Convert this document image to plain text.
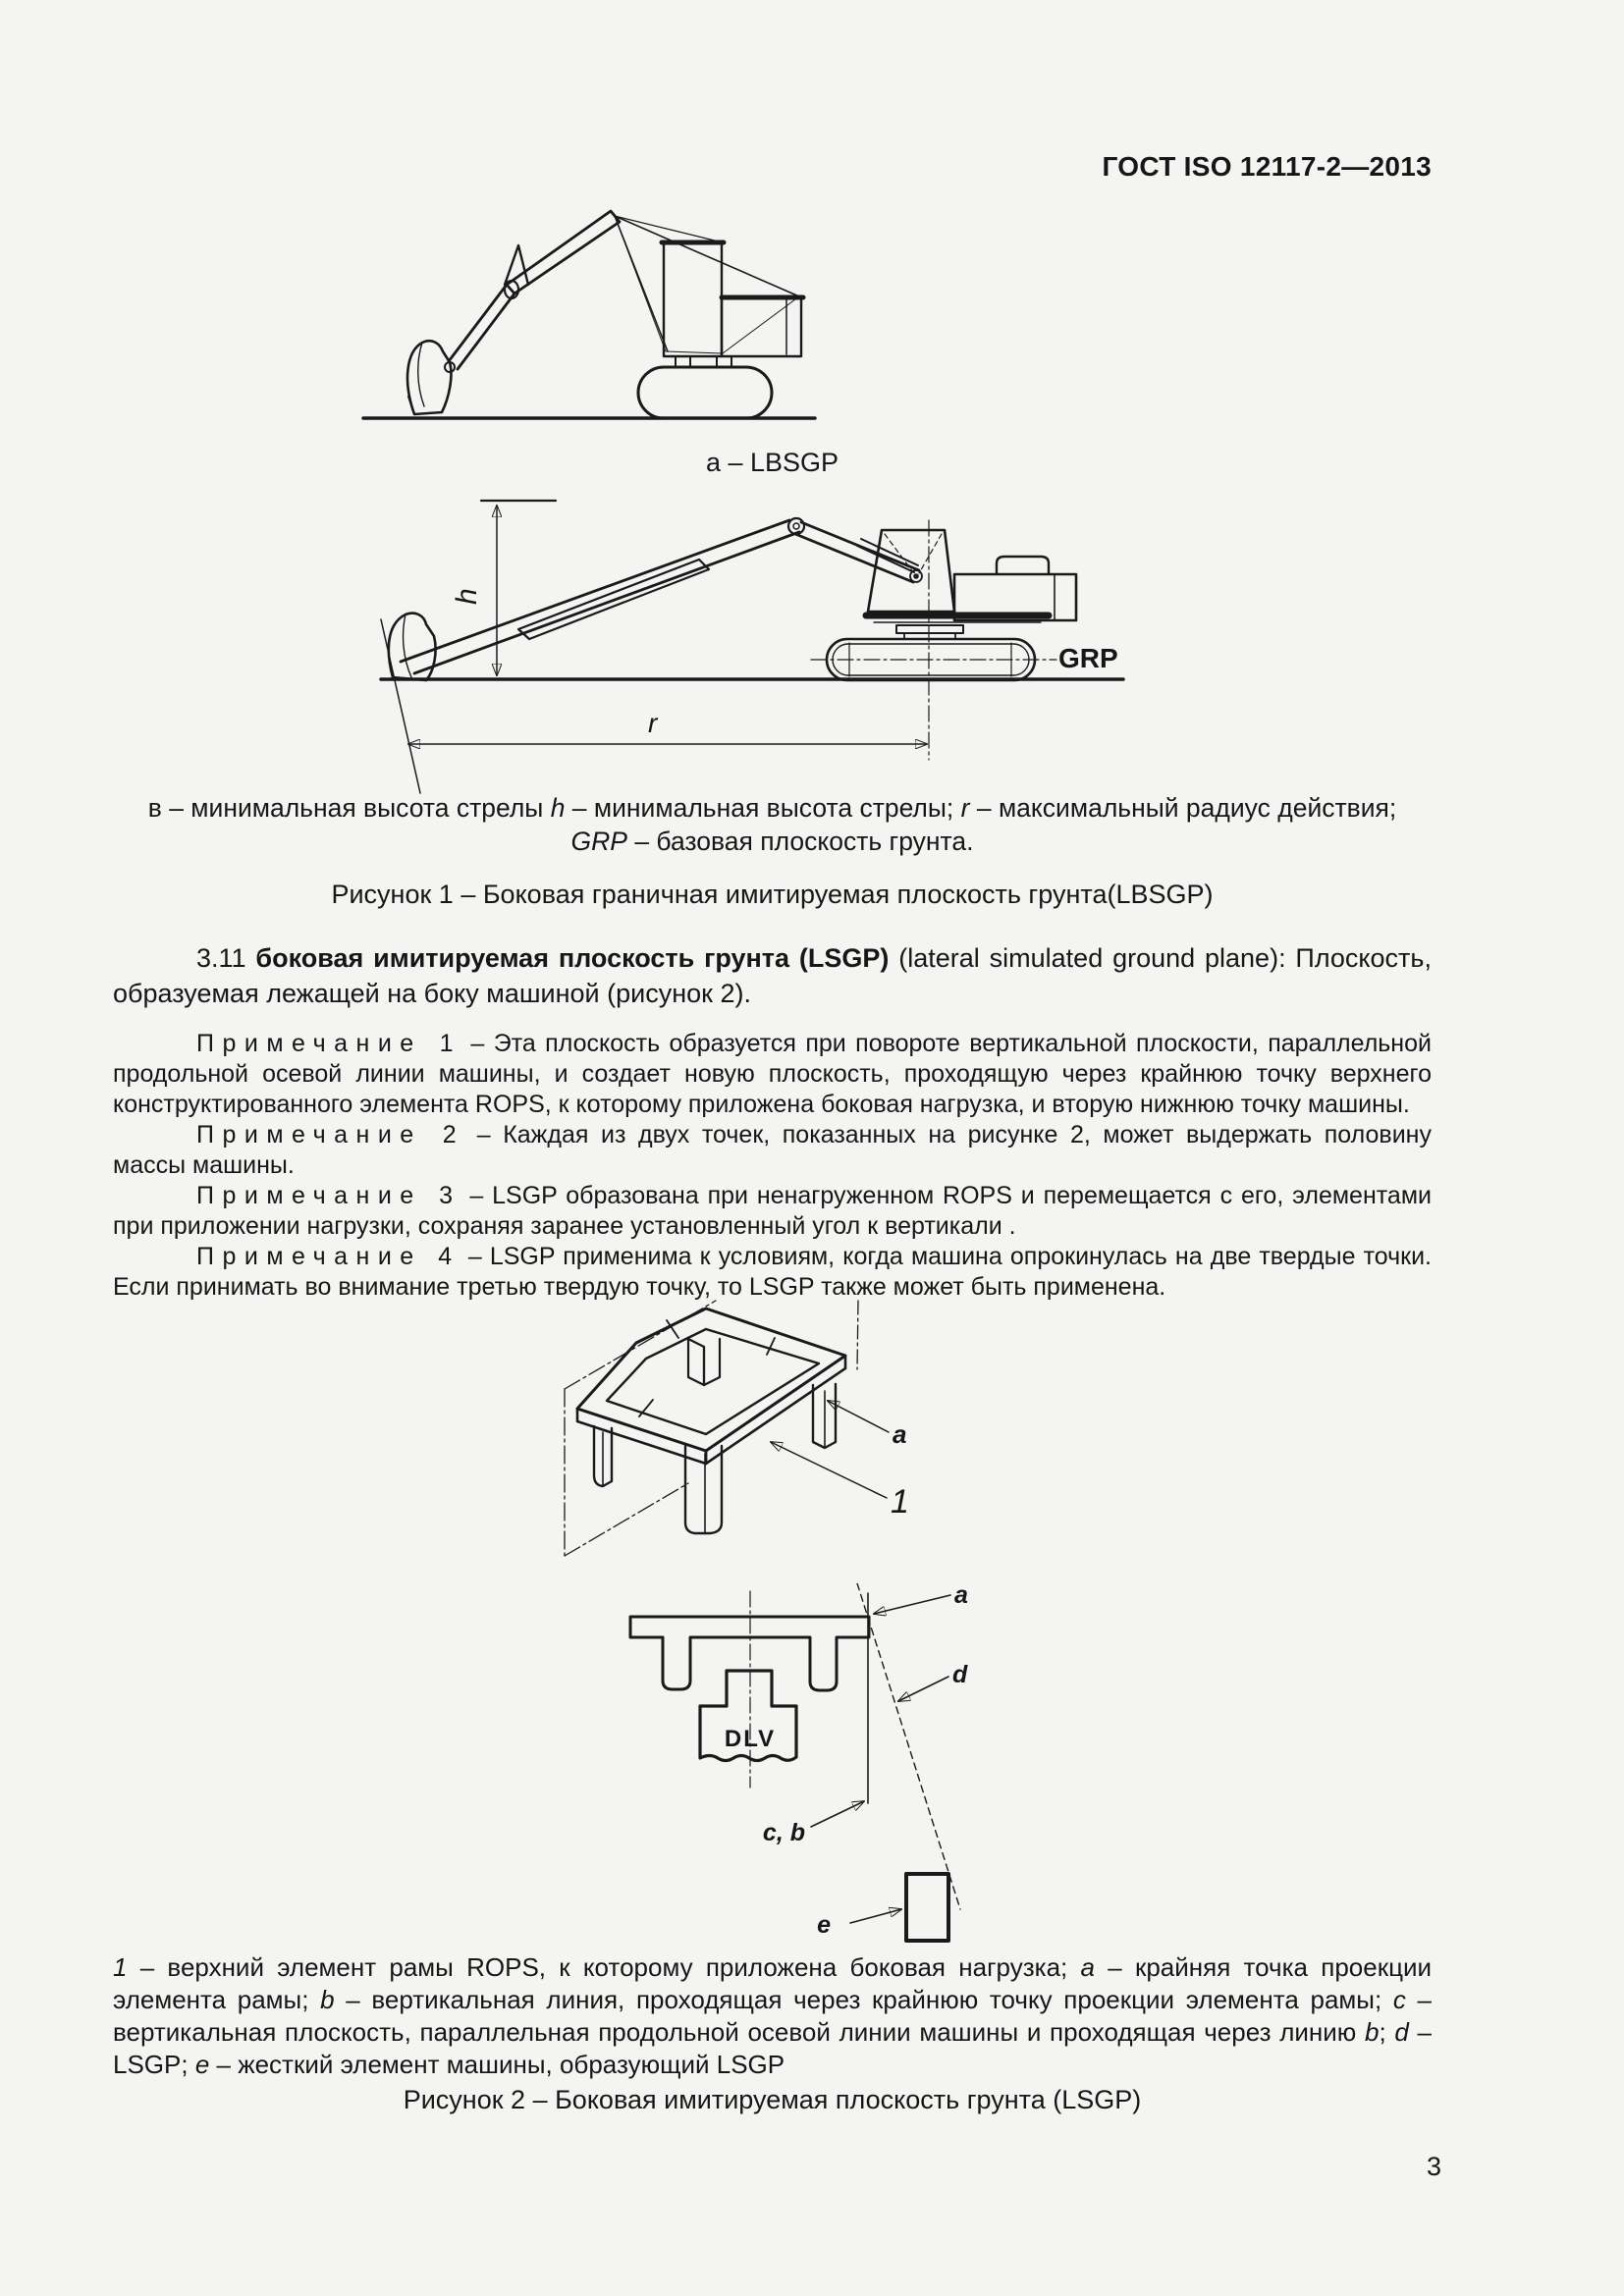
ГОСТ ISO 12117-2—2013
а – LBSGP
h
r
GRP
в – минимальная высота стрелы h – минимальная высота стрелы; r – максимальный радиус действия;
GRP – базовая плоскость грунта.
Рисунок 1 – Боковая граничная имитируемая плоскость грунта(LBSGP)

3.11 боковая имитируемая плоскость грунта (LSGP) (lateral simulated ground plane): Плоскость, образуемая лежащей на боку машиной (рисунок 2).

Примечание 1 – Эта плоскость образуется при повороте вертикальной плоскости, параллельной продольной осевой линии машины, и создает новую плоскость, проходящую через крайнюю точку верхнего конструктированного элемента ROPS, к которому приложена боковая нагрузка, и вторую нижнюю точку машины.

Примечание 2 – Каждая из двух точек, показанных на рисунке 2, может выдержать половину массы машины.

Примечание 3 – LSGP образована при ненагруженном ROPS и перемещается с его, элементами при приложении нагрузки, сохраняя заранее установленный угол к вертикали .

Примечание 4 – LSGP применима к условиям, когда машина опрокинулась на две твердые точки. Если принимать во внимание третью твердую точку, то LSGP также может быть применена.

a
1
DLV
a
d
c, b
e

1 – верхний элемент рамы ROPS, к которому приложена боковая нагрузка; а – крайняя точка проекции элемента рамы; b – вертикальная линия, проходящая через крайнюю точку проекции элемента рамы; с – вертикальная плоскость, параллельная продольной осевой линии машины и проходящая через линию b; d – LSGP; е – жесткий элемент машины, образующий LSGP

Рисунок 2 – Боковая имитируемая плоскость грунта (LSGP)
3
